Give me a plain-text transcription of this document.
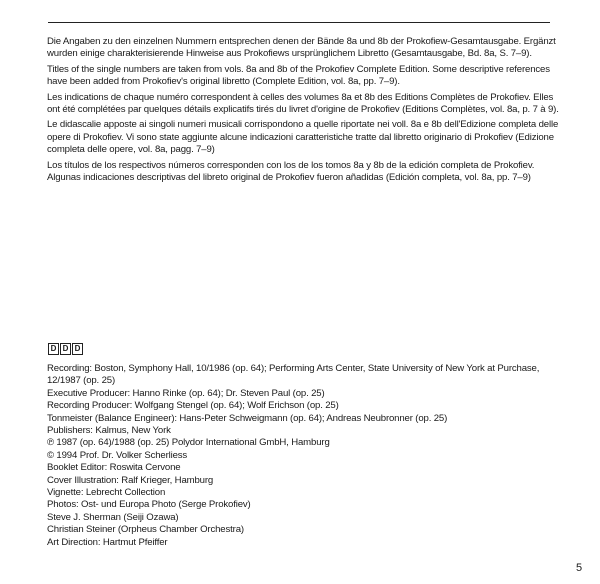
Die Angaben zu den einzelnen Nummern entsprechen denen der Bände 8a und 8b der Prokofiew-Gesamtausgabe. Ergänzt wurden einige charakterisierende Hinweise aus Prokofiews ursprünglichem Libretto (Gesamtausgabe, Bd. 8a, S. 7–9).

Titles of the single numbers are taken from vols. 8a and 8b of the Prokofiev Complete Edition. Some descriptive references have been added from Prokofiev's original libretto (Complete Edition, vol. 8a, pp. 7–9).

Les indications de chaque numéro correspondent à celles des volumes 8a et 8b des Editions Complètes de Prokofiev. Elles ont été complétées par quelques détails explicatifs tirés du livret d'origine de Prokofiev (Editions Complètes, vol. 8a, p. 7 à 9).

Le didascalie apposte ai singoli numeri musicali corrispondono a quelle riportate nei voll. 8a e 8b dell'Edizione completa delle opere di Prokofiev. Vi sono state aggiunte alcune indicazioni caratteristiche tratte dal libretto originario di Prokofiev (Edizione completa delle opere, vol. 8a, pagg. 7–9)

Los títulos de los respectivos números corresponden con los de los tomos 8a y 8b de la edición completa de Prokofiev. Algunas indicaciones descriptivas del libreto original de Prokofiev fueron añadidas (Edición completa, vol. 8a, pp. 7–9)

D D D

Recording: Boston, Symphony Hall, 10/1986 (op. 64); Performing Arts Center, State University of New York at Purchase, 12/1987 (op. 25)

Executive Producer: Hanno Rinke (op. 64); Dr. Steven Paul (op. 25)

Recording Producer: Wolfgang Stengel (op. 64); Wolf Erichson (op. 25)

Tonmeister (Balance Engineer): Hans-Peter Schweigmann (op. 64); Andreas Neubronner (op. 25)

Publishers: Kalmus, New York

℗ 1987 (op. 64)/1988 (op. 25) Polydor International GmbH, Hamburg

© 1994 Prof. Dr. Volker Scherliess

Booklet Editor: Roswita Cervone

Cover Illustration: Ralf Krieger, Hamburg

Vignette: Lebrecht Collection

Photos: Ost- und Europa Photo (Serge Prokofiev)

Steve J. Sherman (Seiji Ozawa)

Christian Steiner (Orpheus Chamber Orchestra)

Art Direction: Hartmut Pfeiffer

5
